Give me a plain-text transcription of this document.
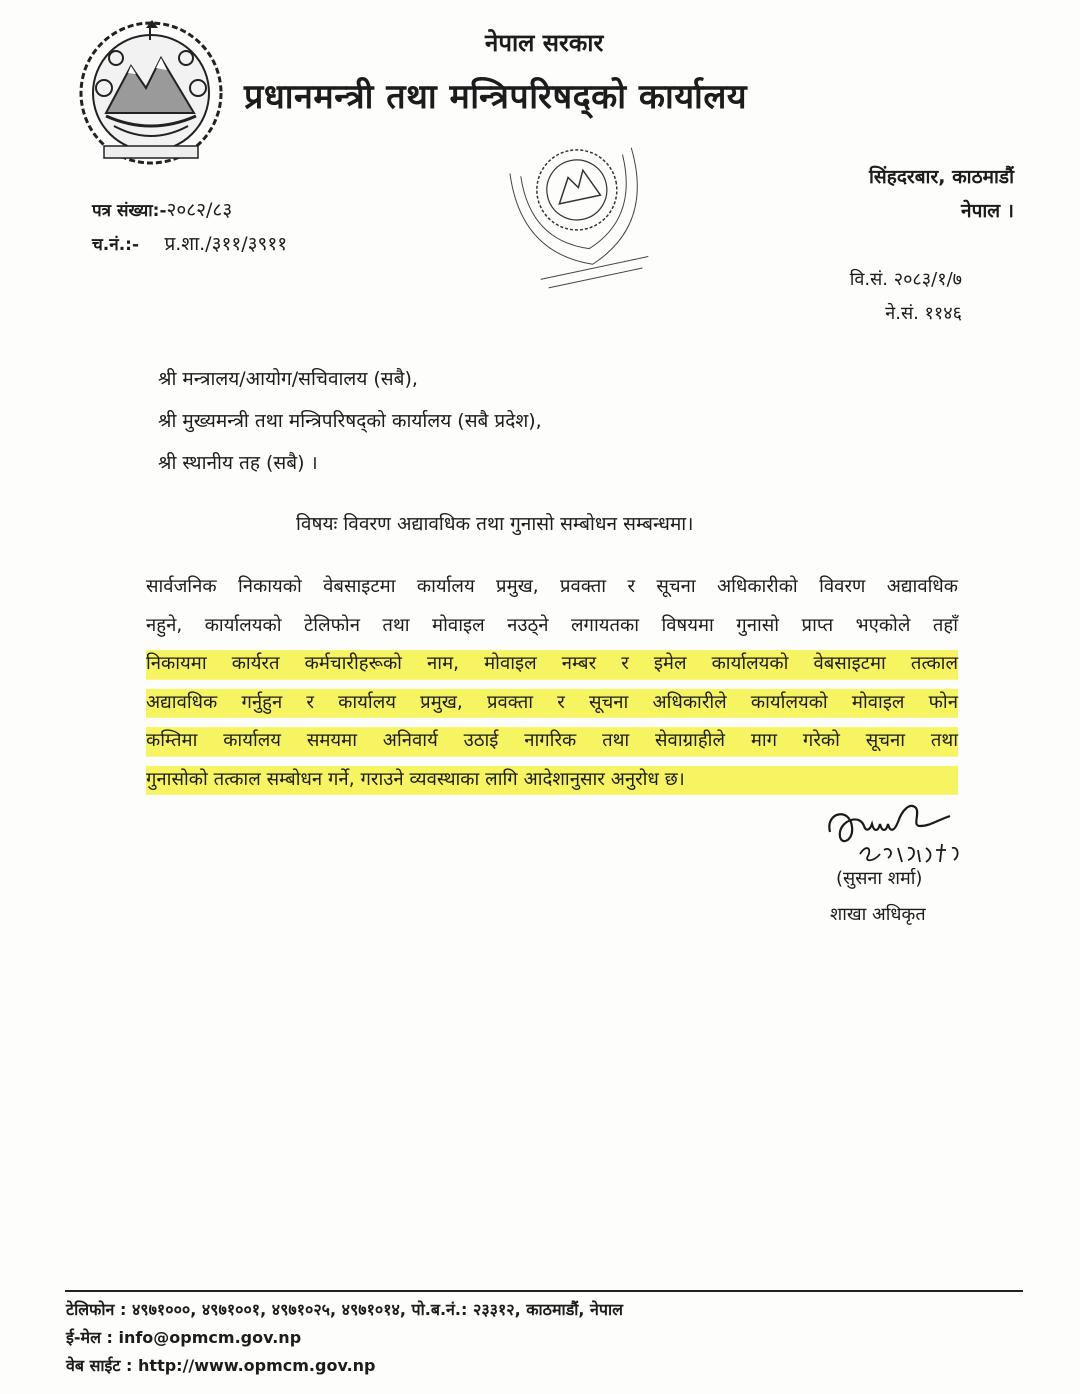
नेपाल सरकार
प्रधानमन्त्री तथा मन्त्रिपरिषद्को कार्यालय
सिंहदरबार, काठमाडौं
नेपाल ।
पत्र संख्या:-२०८२/८३
च.नं.:- प्र.शा./३११/३९११
वि.सं. २०८३/१/७
ने.सं. ११४६
श्री मन्त्रालय/आयोग/सचिवालय (सबै),
श्री मुख्यमन्त्री तथा मन्त्रिपरिषद्को कार्यालय (सबै प्रदेश),
श्री स्थानीय तह (सबै) ।
विषयः विवरण अद्यावधिक तथा गुनासो सम्बोधन सम्बन्धमा।
सार्वजनिक निकायको वेबसाइटमा कार्यालय प्रमुख, प्रवक्ता र सूचना अधिकारीको विवरण अद्यावधिक
नहुने, कार्यालयको टेलिफोन तथा मोवाइल नउठ्ने लगायतका विषयमा गुनासो प्राप्त भएकोले तहाँ
निकायमा कार्यरत कर्मचारीहरूको नाम, मोवाइल नम्बर र इमेल कार्यालयको वेबसाइटमा तत्काल
अद्यावधिक गर्नुहुन र कार्यालय प्रमुख, प्रवक्ता र सूचना अधिकारीले कार्यालयको मोवाइल फोन
कम्तिमा कार्यालय समयमा अनिवार्य उठाई नागरिक तथा सेवाग्राहीले माग गरेको सूचना तथा
गुनासोको तत्काल सम्बोधन गर्ने, गराउने व्यवस्थाका लागि आदेशानुसार अनुरोध छ।
(सुसना शर्मा)
शाखा अधिकृत
टेलिफोन : ४९७१०००, ४९७१००१, ४९७१०२५, ४९७१०१४, पो.ब.नं.: २३३१२, काठमाडौं, नेपाल
ई-मेल : info@opmcm.gov.np
वेब साईट : http://www.opmcm.gov.np
